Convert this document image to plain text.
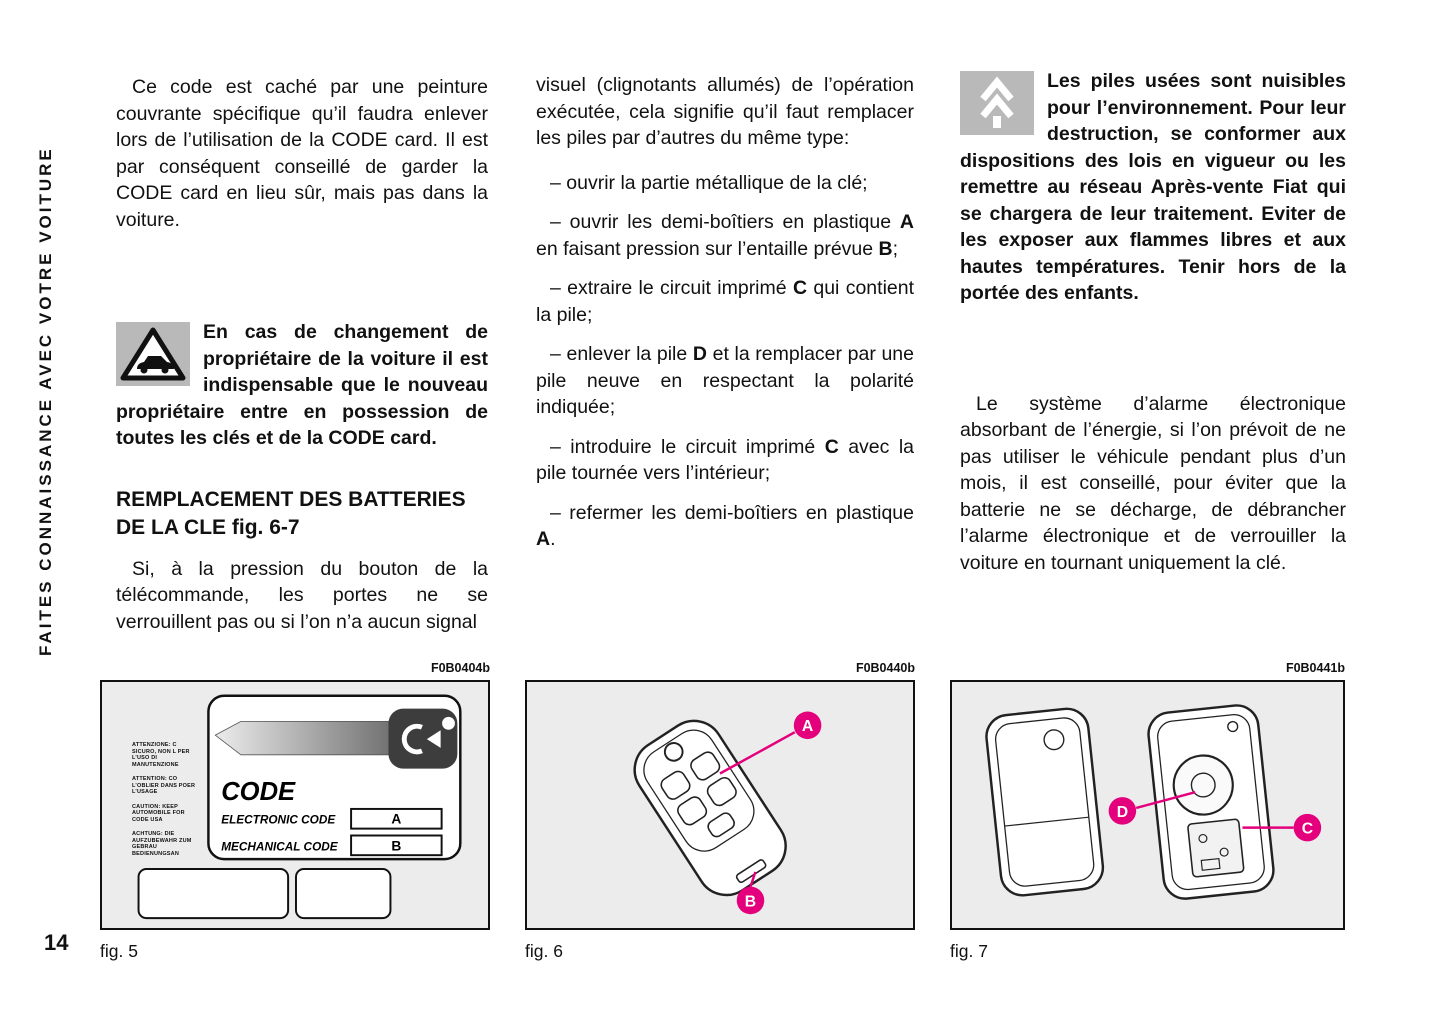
FAITES CONNAISSANCE AVEC VOTRE VOITURE
14

Ce code est caché par une peinture couvrante spécifique qu’il faudra enlever lors de l’utilisation de la CODE card. Il est par conséquent conseillé de garder la CODE card en lieu sûr, mais pas dans la voiture.

En cas de changement de propriétaire de la voiture il est indispensable que le nouveau propriétaire entre en possession de toutes les clés et de la CODE card.

REMPLACEMENT DES BATTERIES DE LA CLE fig. 6-7

Si, à la pression du bouton de la télécommande, les portes ne se verrouillent pas ou si l’on n’a aucun signal

visuel (clignotants allumés) de l’opération exécutée, cela signifie qu’il faut remplacer les piles par d’autres du même type:

– ouvrir la partie métallique de la clé;

– ouvrir les demi-boîtiers en plastique A en faisant pression sur l’entaille prévue B;

– extraire le circuit imprimé C qui contient la pile;

– enlever la pile D et la remplacer par une pile neuve en respectant la polarité indiquée;

– introduire le circuit imprimé C avec la pile tournée vers l’intérieur;

– refermer les demi-boîtiers en plastique A.

Les piles usées sont nuisibles pour l’environnement. Pour leur destruction, se conformer aux dispositions des lois en vigueur ou les remettre au réseau Après-vente Fiat qui se chargera de leur traitement. Eviter de les exposer aux flammes libres et aux hautes températures. Tenir hors de la portée des enfants.

Le système d’alarme électronique absorbant de l’énergie, si l’on prévoit de ne pas utiliser le véhicule pendant plus d’un mois, il est conseillé, pour éviter que la batterie ne se décharge, de débrancher l’alarme électronique et de verrouiller la voiture en tournant uniquement la clé.

F0B0404b
CODE
ELECTRONIC CODE	A
MECHANICAL CODE	B
ATTENZIONE: C SICURO, NON L PER L’USO DI MANUTENZIONE
ATTENTION: CO L’OBLIER DANS POER L’USAGE
CAUTION: KEEP AUTOMOBILE FOR CODE USA
ACHTUNG: DIE AUFZUBEWAHR ZUM GEBRAU BEDIENUNGSAN
fig. 5
F0B0440b
A
B
fig. 6
F0B0441b
D
C
fig. 7
